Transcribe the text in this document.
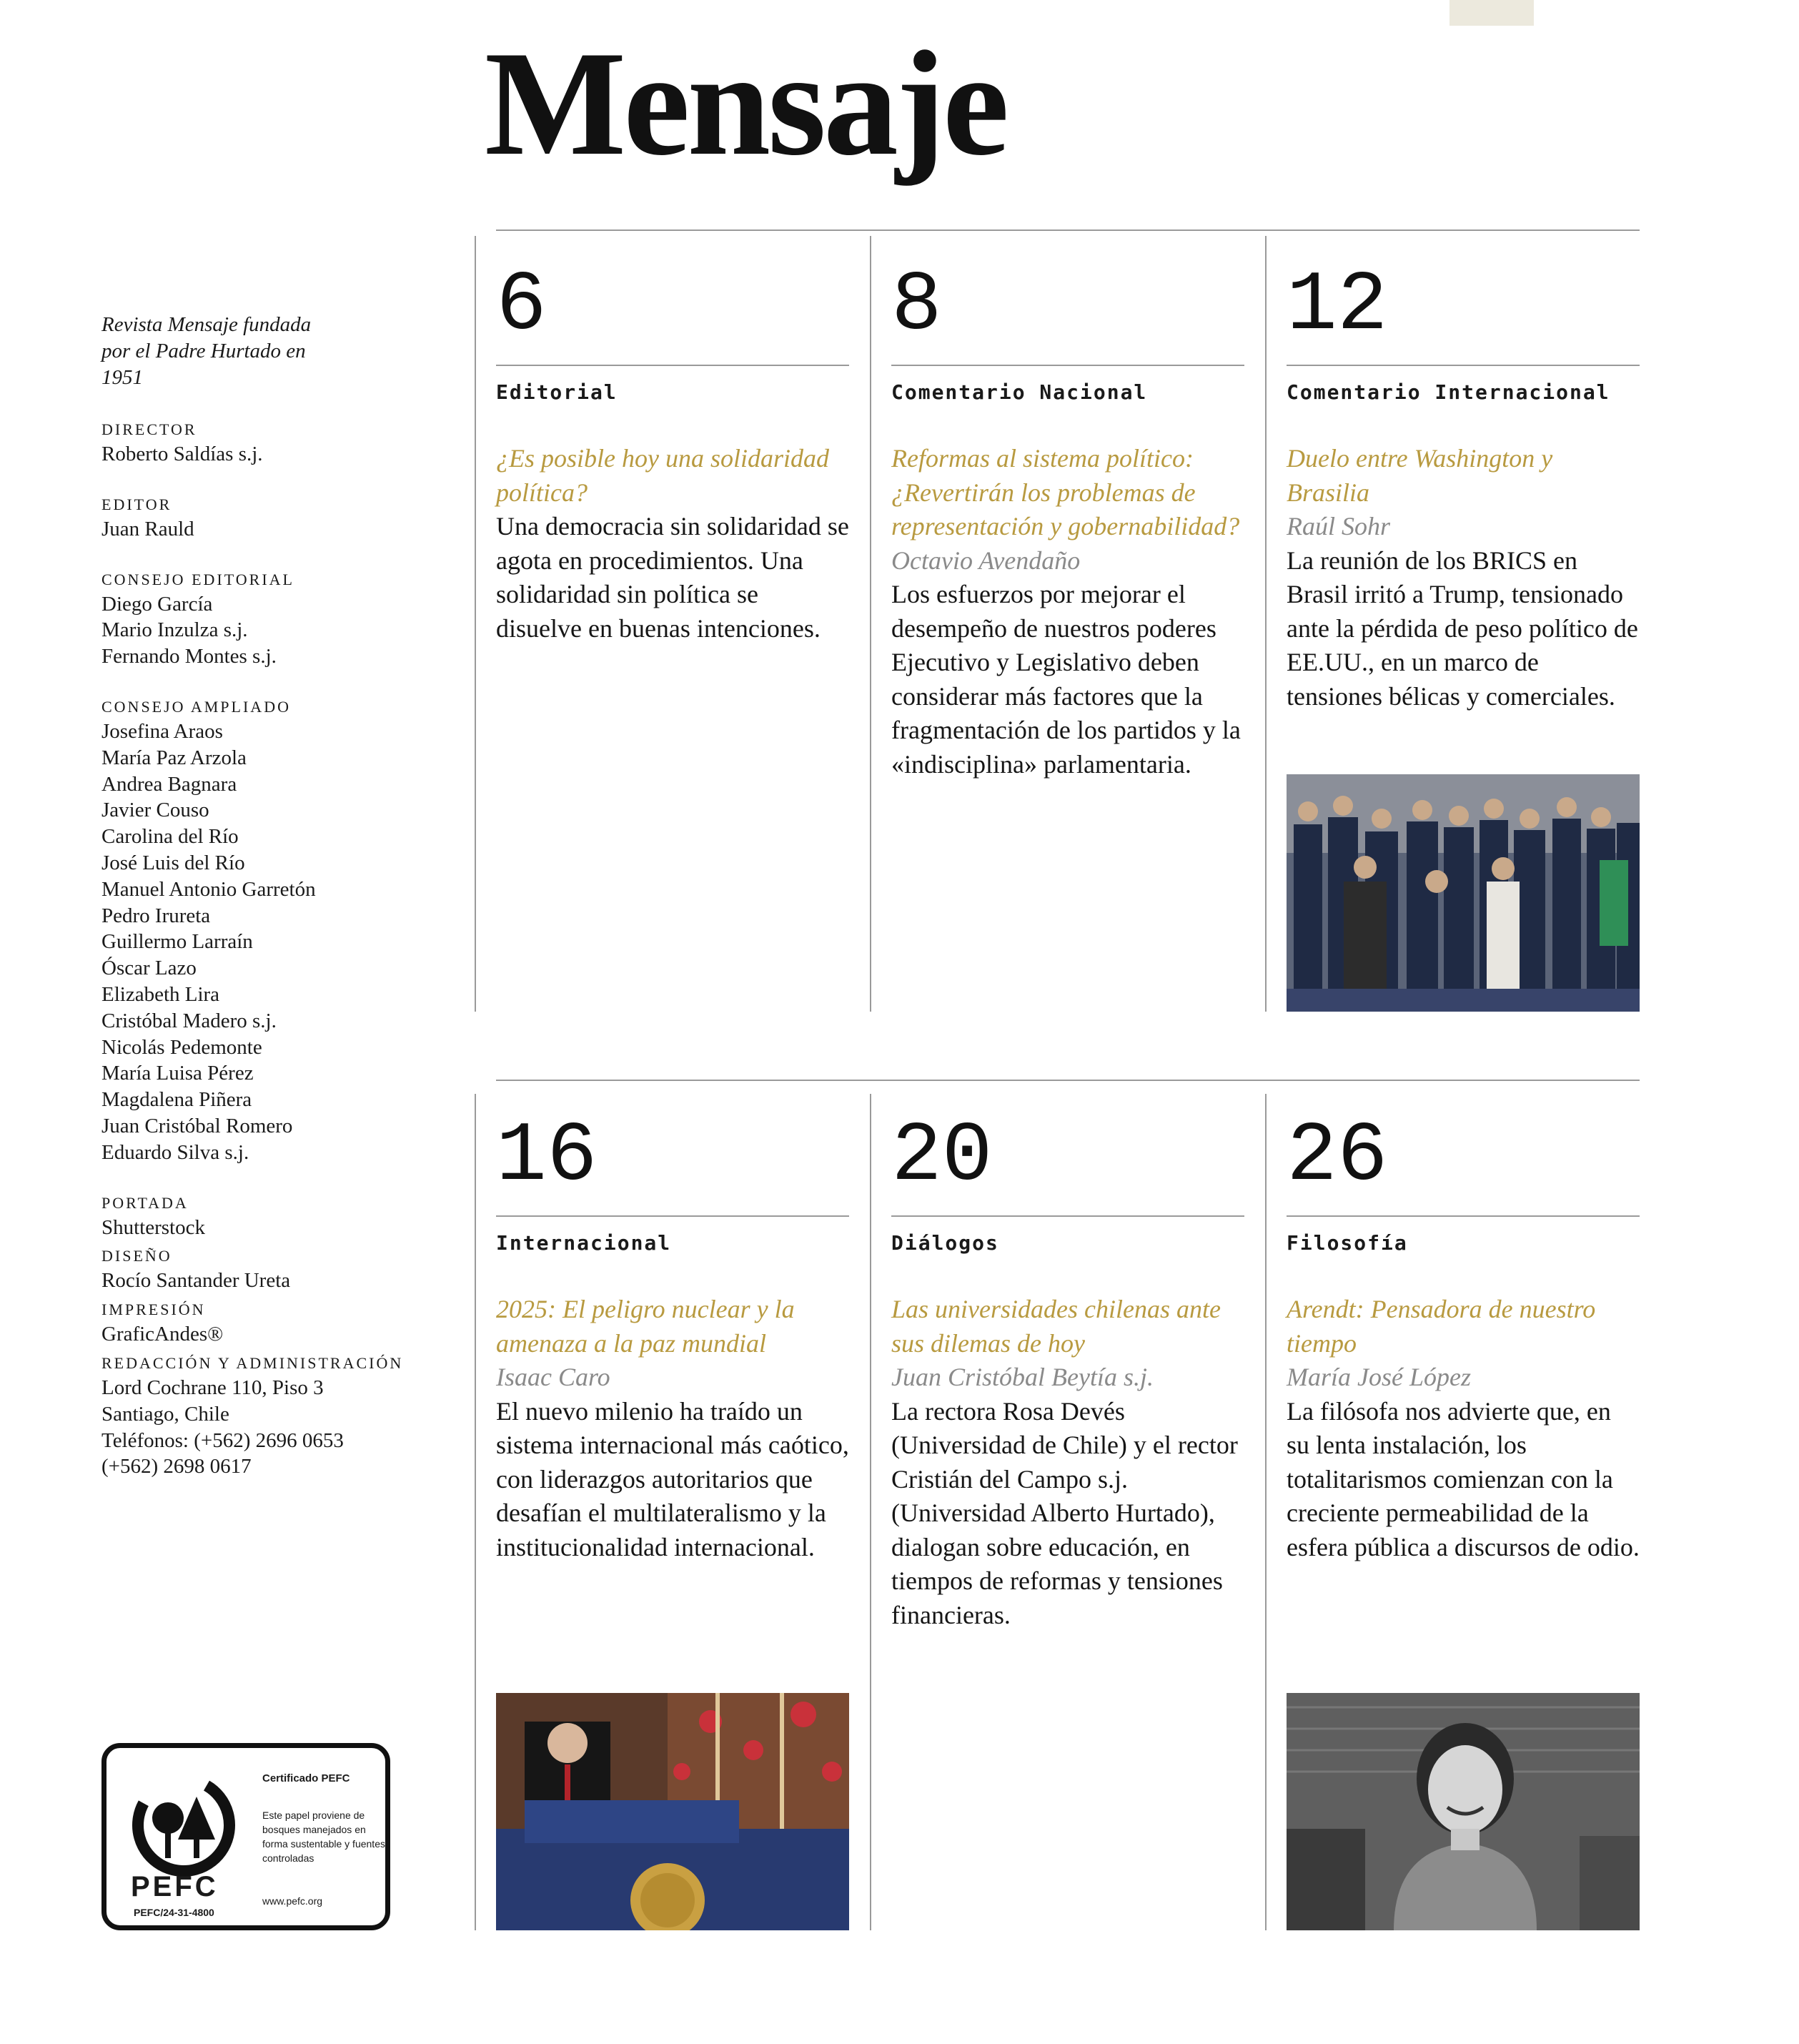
Mensaje

Revista Mensaje fundada por el Padre Hurtado en 1951

DIRECTOR
Roberto Saldías s.j.
EDITOR
Juan Rauld
CONSEJO EDITORIAL
Diego García
Mario Inzulza s.j.
Fernando Montes s.j.
CONSEJO AMPLIADO
Josefina Araos
María Paz Arzola
Andrea Bagnara
Javier Couso
Carolina del Río
José Luis del Río
Manuel Antonio Garretón
Pedro Irureta
Guillermo Larraín
Óscar Lazo
Elizabeth Lira
Cristóbal Madero s.j.
Nicolás Pedemonte
María Luisa Pérez
Magdalena Piñera
Juan Cristóbal Romero
Eduardo Silva s.j.
PORTADA
Shutterstock
DISEÑO
Rocío Santander Ureta
IMPRESIÓN
GraficAndes®
REDACCIÓN Y ADMINISTRACIÓN
Lord Cochrane 110, Piso 3
Santiago, Chile
Teléfonos: (+562) 2696 0653
(+562) 2698 0617
PEFC
PEFC/24-31-4800
Certificado PEFC
Este papel proviene de bosques manejados en forma sustentable y fuentes controladas
www.pefc.org
6
Editorial
¿Es posible hoy una solidaridad política?
Una democracia sin solidaridad se agota en procedimientos. Una solidaridad sin política se disuelve en buenas intenciones.
8
Comentario Nacional
Reformas al sistema político: ¿Revertirán los problemas de representación y gobernabilidad?
Octavio Avendaño
Los esfuerzos por mejorar el desempeño de nuestros poderes Ejecutivo y Legislativo deben considerar más factores que la fragmentación de los partidos y la «indisciplina» parlamentaria.
12
Comentario Internacional
Duelo entre Washington y Brasilia
Raúl Sohr
La reunión de los BRICS en Brasil irritó a Trump, tensionado ante la pérdida de peso político de EE.UU., en un marco de tensiones bélicas y comerciales.
16
Internacional
2025: El peligro nuclear y la amenaza a la paz mundial
Isaac Caro
El nuevo milenio ha traído un sistema internacional más caótico, con liderazgos autoritarios que desafían el multilateralismo y la institucionalidad internacional.
20
Diálogos
Las universidades chilenas ante sus dilemas de hoy
Juan Cristóbal Beytía s.j.
La rectora Rosa Devés (Universidad de Chile) y el rector Cristián del Campo s.j. (Universidad Alberto Hurtado), dialogan sobre educación, en tiempos de reformas y tensiones financieras.
26
Filosofía
Arendt: Pensadora de nuestro tiempo
María José López
La filósofa nos advierte que, en su lenta instalación, los totalitarismos comienzan con la creciente permeabilidad de la esfera pública a discursos de odio.
